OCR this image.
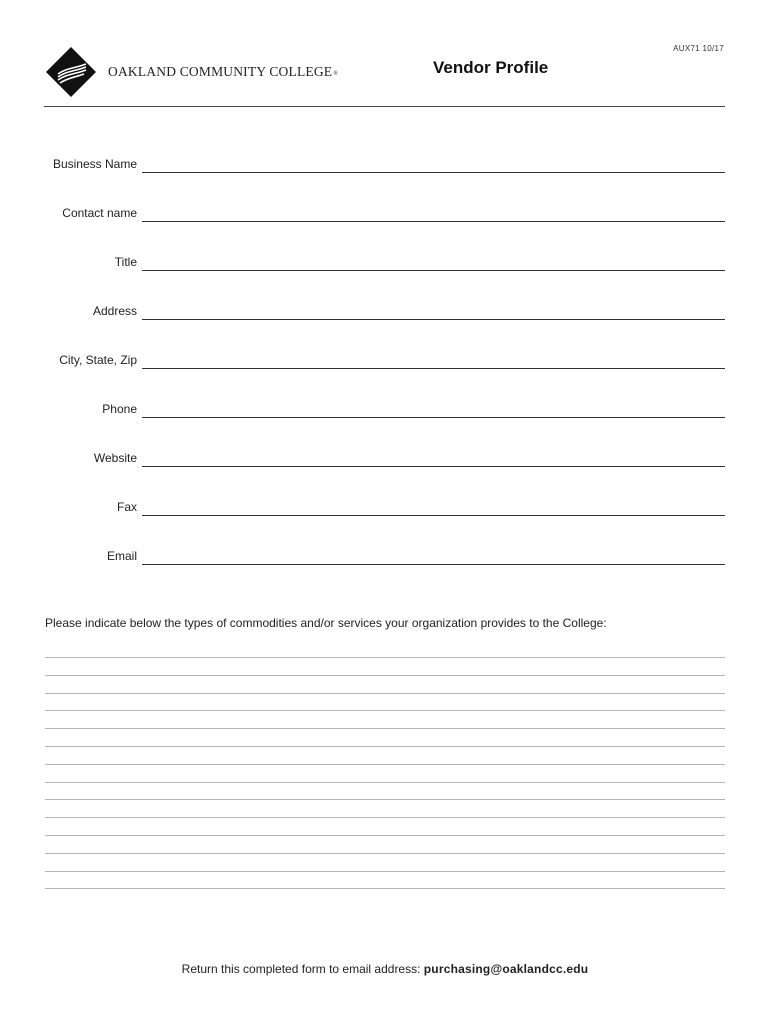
AUX71 10/17
OAKLAND COMMUNITY COLLEGE®	Vendor Profile
Business Name
Contact name
Title
Address
City, State, Zip
Phone
Website
Fax
Email
Please indicate below the types of commodities and/or services your organization provides to the College:
Return this completed form to email address: purchasing@oaklandcc.edu
